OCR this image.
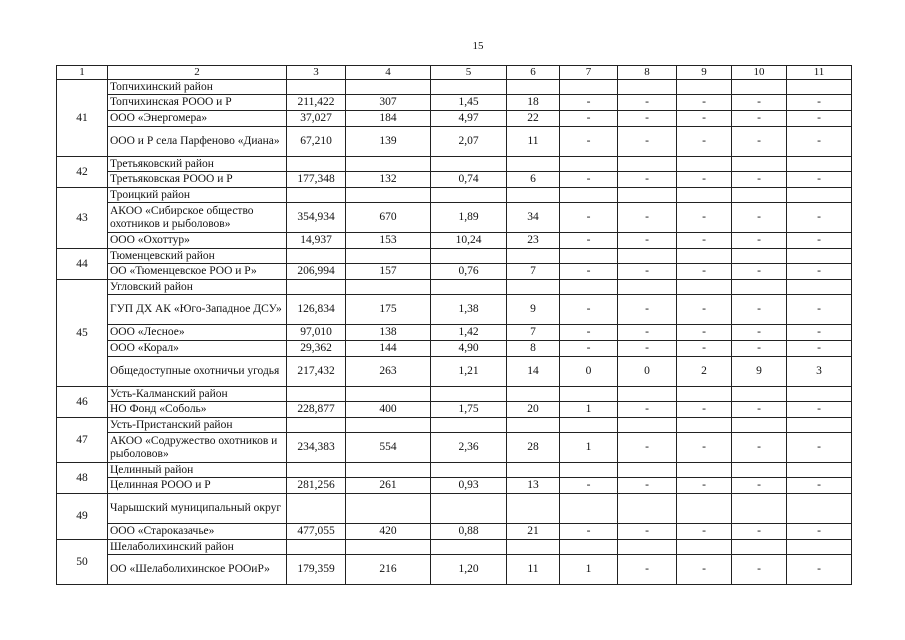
15
1	2	3	4	5	6	7	8	9	10	11
41	Топчихинский район									
	Топчихинская РОOO и Р	211,422	307	1,45	18	-	-	-	-	-
	ООО «Энергомера»	37,027	184	4,97	22	-	-	-	-	-
	ООО и Р села Парфеново «Диана»	67,210	139	2,07	11	-	-	-	-	-
42	Третьяковский район									
	Третьяковская РОOO и Р	177,348	132	0,74	6	-	-	-	-	-
43	Троицкий район									
	АКОО «Сибирское общество охотников и рыболовов»	354,934	670	1,89	34	-	-	-	-	-
	ООО «Охоттур»	14,937	153	10,24	23	-	-	-	-	-
44	Тюменцевский район									
	ОО «Тюменцевское РОО и Р»	206,994	157	0,76	7	-	-	-	-	-
45	Угловский район									
	ГУП ДХ АК «Юго-Западное ДСУ»	126,834	175	1,38	9	-	-	-	-	-
	ООО «Лесное»	97,010	138	1,42	7	-	-	-	-	-
	ООО «Корал»	29,362	144	4,90	8	-	-	-	-	-
	Общедоступные охотничьи угодья	217,432	263	1,21	14	0	0	2	9	3
46	Усть-Калманский район									
	НО Фонд «Соболь»	228,877	400	1,75	20	1	-	-	-	-
47	Усть-Пристанский район									
	АКОО «Содружество охотников и рыболовов»	234,383	554	2,36	28	1	-	-	-	-
48	Целинный район									
	Целинная РОOO и Р	281,256	261	0,93	13	-	-	-	-	-
49	Чарышский муниципальный округ									
	ООО «Староказачье»	477,055	420	0,88	21	-	-	-	-	-
50	Шелаболихинский район									
	ОО «Шелаболихинское РООиР»	179,359	216	1,20	11	1	-	-	-	-
